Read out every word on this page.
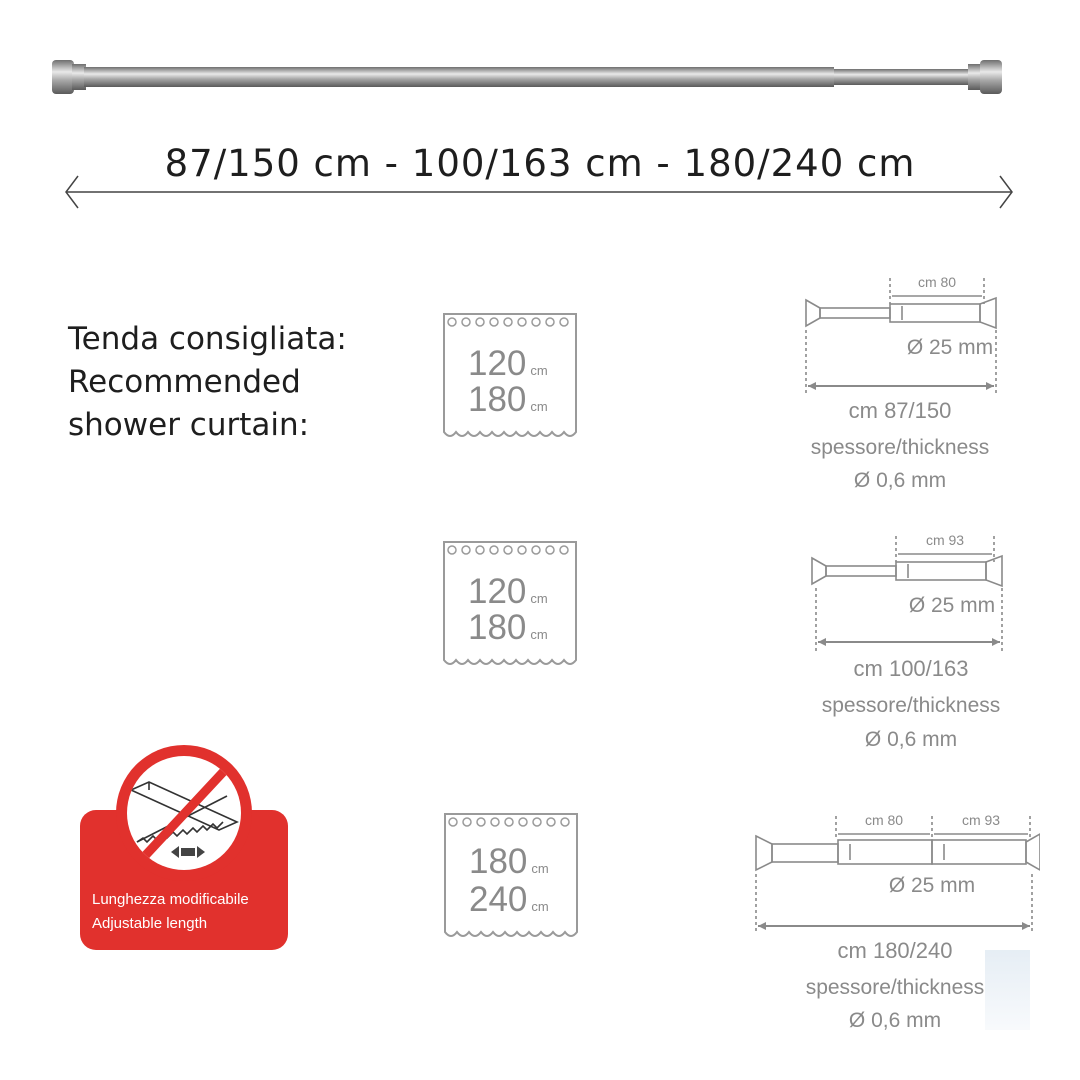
87/150 cm - 100/163 cm - 180/240 cm
Tenda consigliata:
Recommended
shower curtain:
120 cm
180 cm
120 cm
180 cm
180 cm
240 cm
cm 80
Ø 25 mm
cm 87/150
spessore/thickness
Ø 0,6 mm
cm 93
Ø 25 mm
cm 100/163
spessore/thickness
Ø 0,6 mm
cm 80	cm 93
Ø 25 mm
cm 180/240
spessore/thickness
Ø 0,6 mm
Lunghezza modificabile
Adjustable length
